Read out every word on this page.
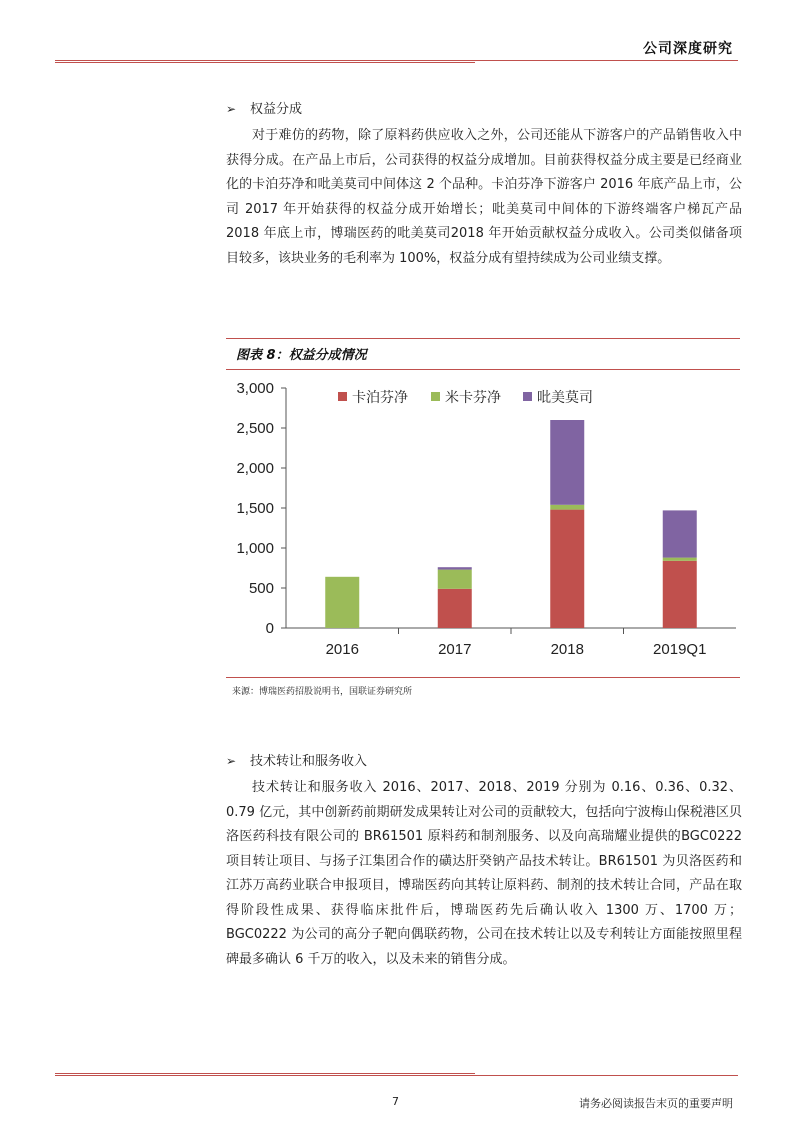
公司深度研究
➢ 权益分成

对于难仿的药物，除了原料药供应收入之外，公司还能从下游客户的产品销售收入中获得分成。在产品上市后，公司获得的权益分成增加。目前获得权益分成主要是已经商业化的卡泊芬净和吡美莫司中间体这 2 个品种。卡泊芬净下游客户 2016 年底产品上市，公司 2017 年开始获得的权益分成开始增长；吡美莫司中间体的下游终端客户梯瓦产品2018 年底上市，博瑞医药的吡美莫司2018 年开始贡献权益分成收入。公司类似储备项目较多，该块业务的毛利率为 100%，权益分成有望持续成为公司业绩支撑。

图表 8：权益分成情况
0
500
1,000
1,500
2,000
2,500
3,000
2016	2017	2018	2019Q1
卡泊芬净	米卡芬净	吡美莫司
来源：博瑞医药招股说明书，国联证券研究所
➢ 技术转让和服务收入

技术转让和服务收入 2016、2017、2018、2019 分别为 0.16、0.36、0.32、0.79 亿元，其中创新药前期研发成果转让对公司的贡献较大，包括向宁波梅山保税港区贝洛医药科技有限公司的 BR61501 原料药和制剂服务、以及向高瑞耀业提供的BGC0222 项目转让项目、与扬子江集团合作的磺达肝癸钠产品技术转让。BR61501 为贝洛医药和江苏万高药业联合申报项目，博瑞医药向其转让原料药、制剂的技术转让合同，产品在取得阶段性成果、获得临床批件后，博瑞医药先后确认收入 1300 万、1700 万；BGC0222 为公司的高分子靶向偶联药物，公司在技术转让以及专利转让方面能按照里程碑最多确认 6 千万的收入，以及未来的销售分成。

7	请务必阅读报告末页的重要声明
